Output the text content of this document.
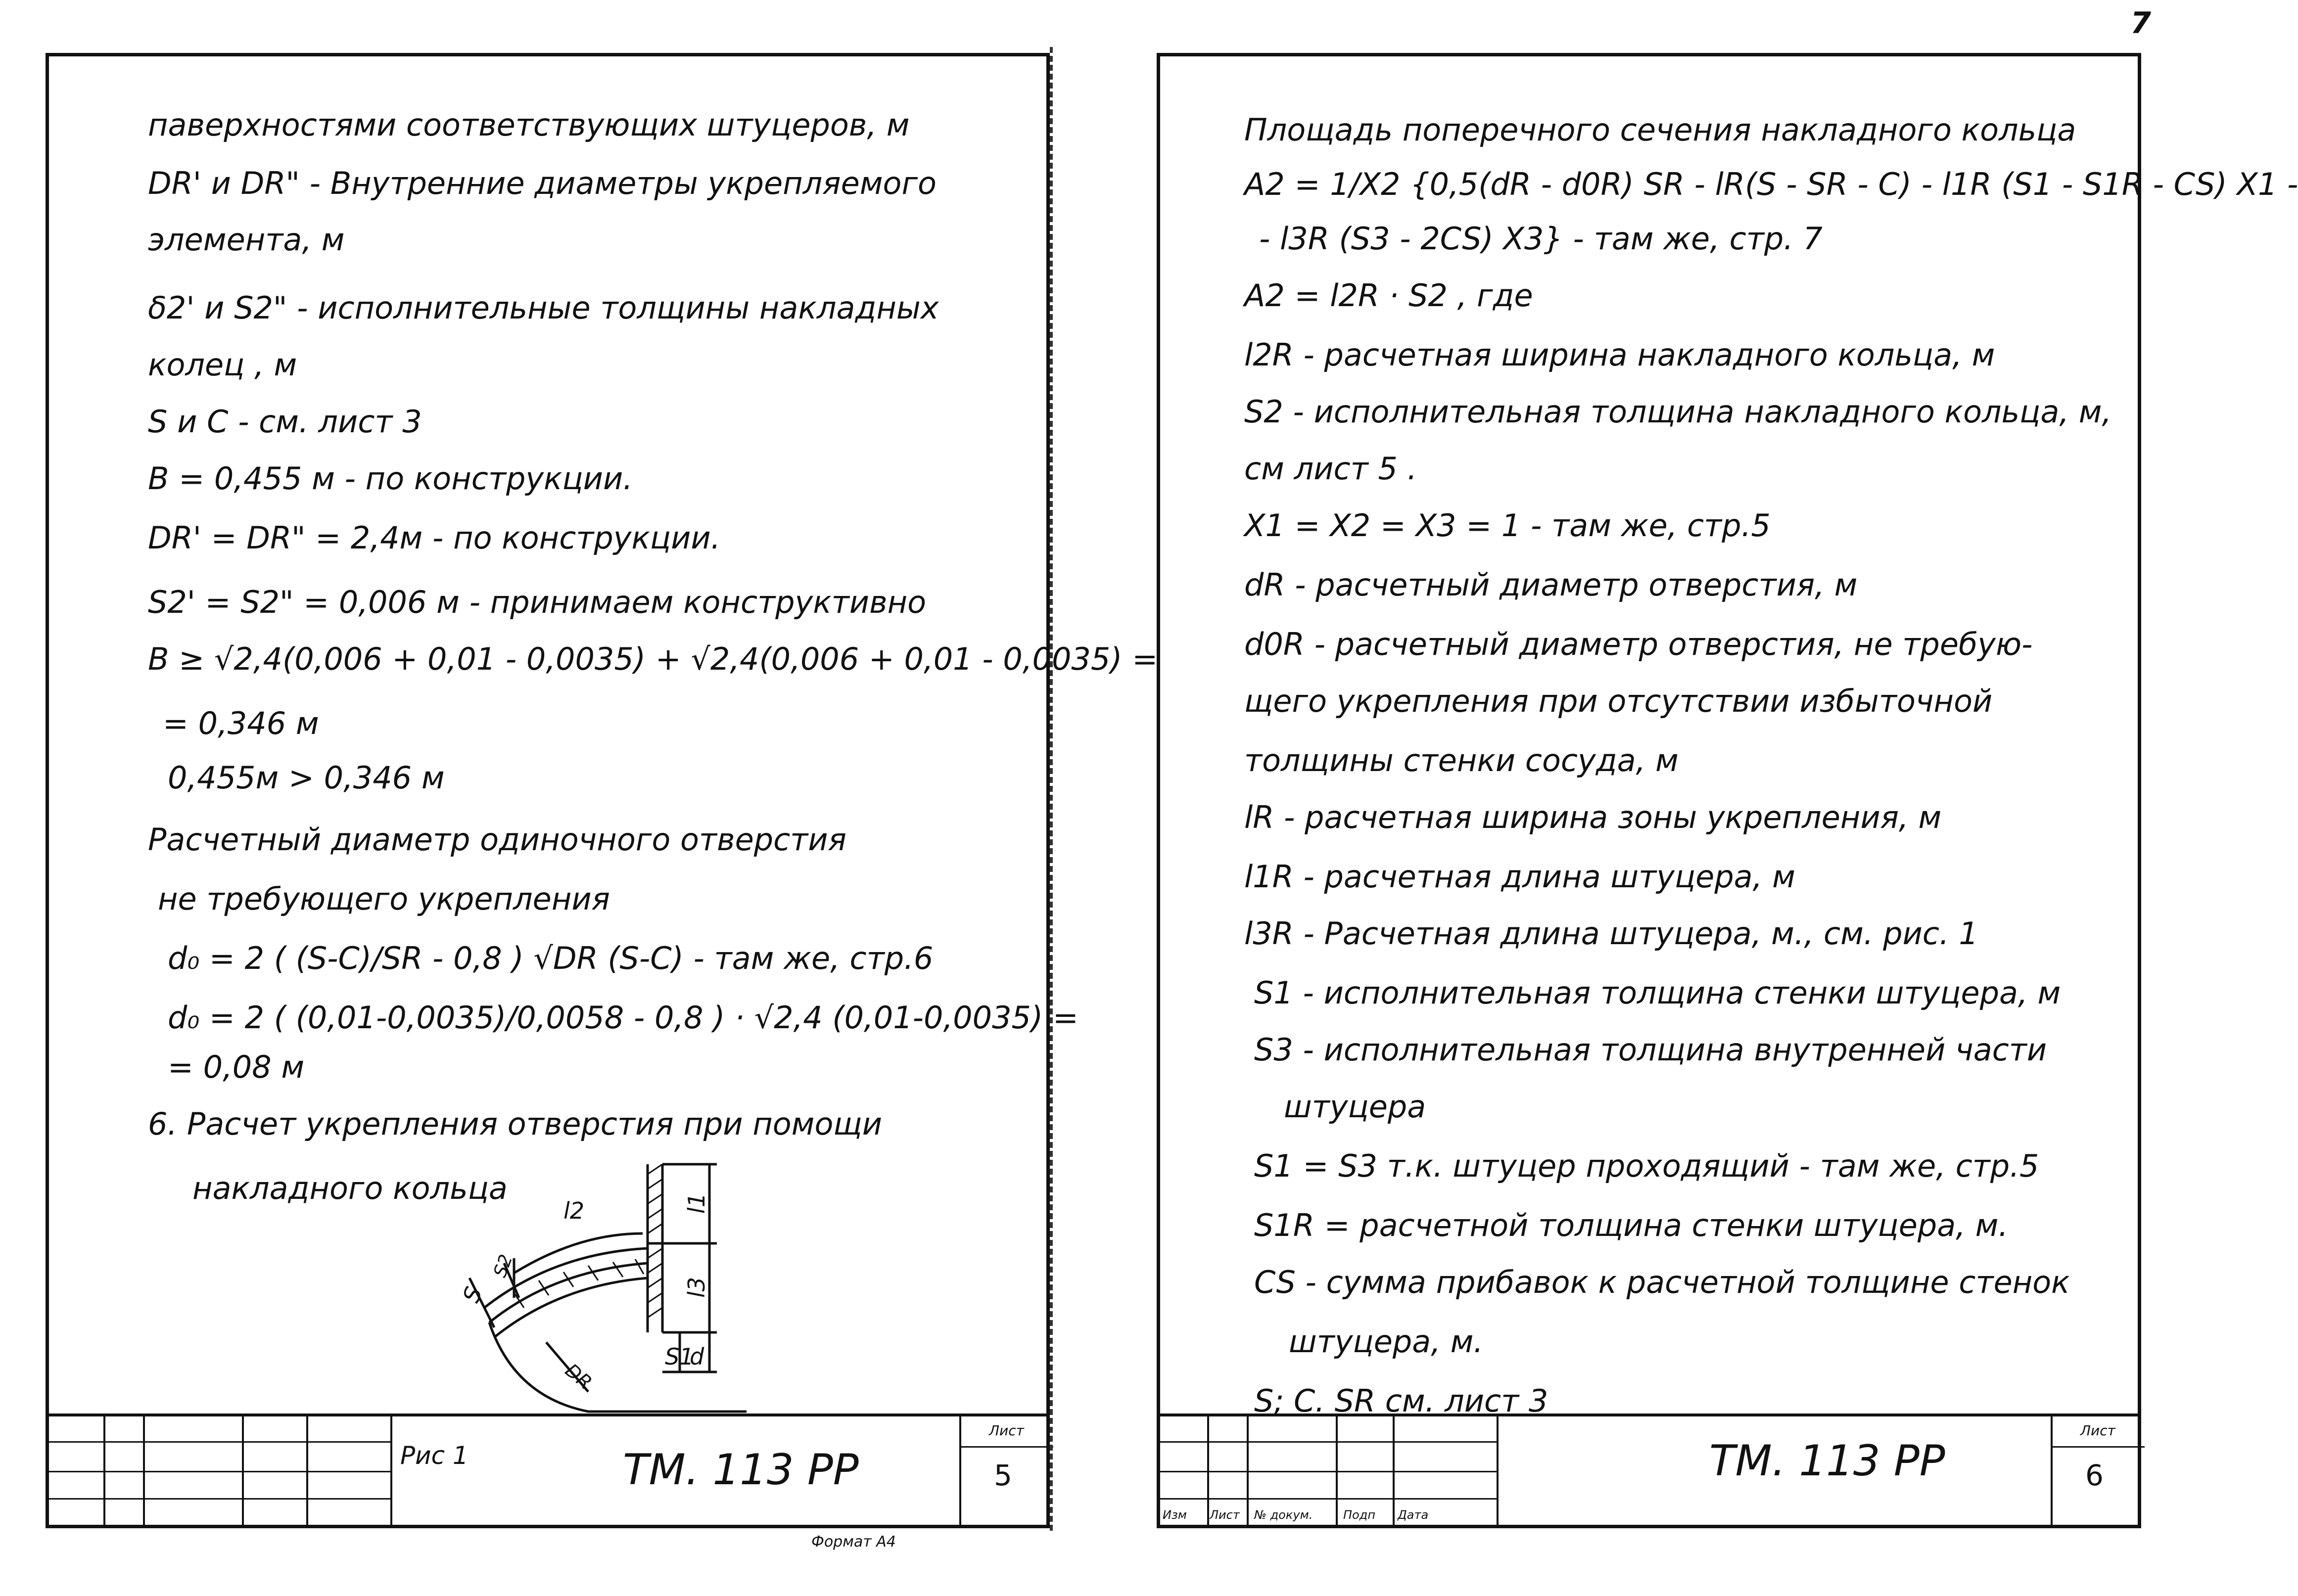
7
паверхностями соответствующих штуцеров, м
DR' и DR" - Внутренние диаметры укрепляемого
элемента, м
δ2' и S2" - исполнительные толщины накладных
колец , м
S и C - см. лист 3
B = 0,455 м - по конструкции.
DR' = DR" = 2,4м - по конструкции.
S2' = S2" = 0,006 м - принимаем конструктивно
B ≥ √2,4(0,006 + 0,01 - 0,0035) + √2,4(0,006 + 0,01 - 0,0035) =
= 0,346 м
0,455м > 0,346 м
Расчетный диаметр одиночного отверстия
не требующего укрепления
d₀ = 2 ( (S-C)/SR - 0,8 ) √DR (S-C) - там же, стр.6
d₀ = 2 ( (0,01-0,0035)/0,0058 - 0,8 ) · √2,4 (0,01-0,0035) =
= 0,08 м
6. Расчет укрепления отверстия при помощи
накладного кольца
l2	l1
l3
S1
d
S2
S
DR
Рис 1	TM. 113 PP
Лист
5
Формат А4
Площадь поперечного сечения накладного кольца
A2 = 1/X2 {0,5(dR - d0R) SR - lR(S - SR - C) - l1R (S1 - S1R - CS) X1 -
- l3R (S3 - 2CS) X3} - там же, стр. 7
A2 = l2R · S2 , где
l2R - расчетная ширина накладного кольца, м
S2 - исполнительная толщина накладного кольца, м,
см лист 5 .
X1 = X2 = X3 = 1 - там же, стр.5
dR - расчетный диаметр отверстия, м
d0R - расчетный диаметр отверстия, не требую-
щего укрепления при отсутствии избыточной
толщины стенки сосуда, м
lR - расчетная ширина зоны укрепления, м
l1R - расчетная длина штуцера, м
l3R - Расчетная длина штуцера, м., см. рис. 1
S1 - исполнительная толщина стенки штуцера, м
S3 - исполнительная толщина внутренней части
штуцера
S1 = S3 т.к. штуцер проходящий - там же, стр.5
S1R = расчетной толщина стенки штуцера, м.
CS - сумма прибавок к расчетной толщине стенок
штуцера, м.
S; C. SR см. лист 3
Изм Лист № докум.	Подп Дата
TM. 113 PP
Лист
6
